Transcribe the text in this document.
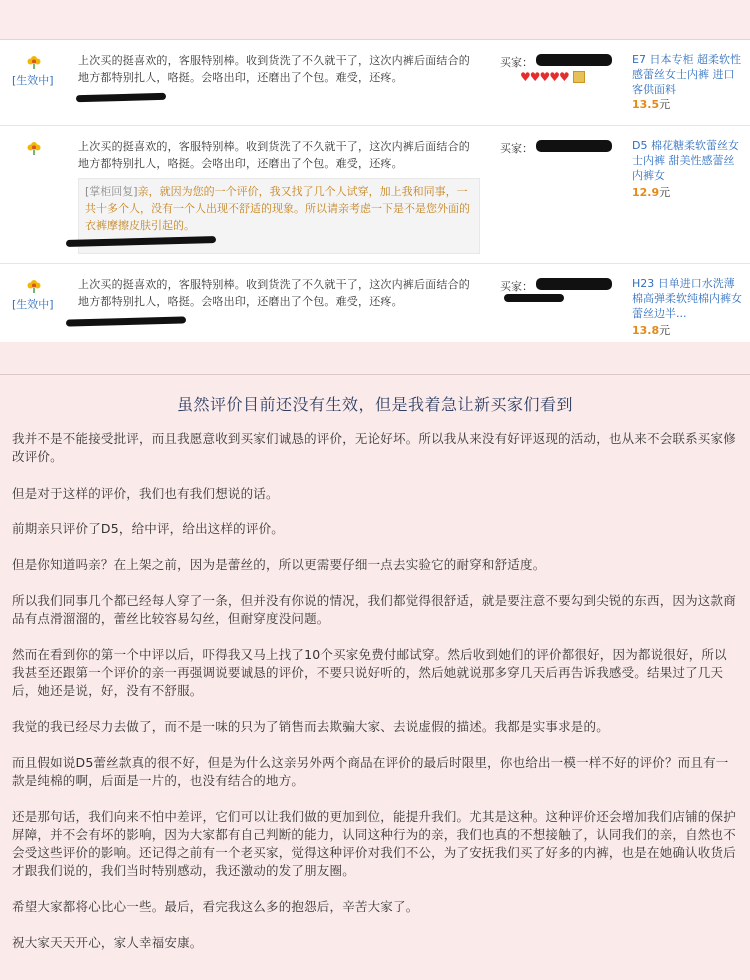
[生效中]
上次买的挺喜欢的，客服特别棒。收到货洗了不久就干了，这次内裤后面结合的地方都特别扎人，咯挺。会咯出印，还磨出了个包。难受，还疼。
买家：
♥♥♥♥♥
E7 日本专柜 超柔软性感蕾丝女士内裤 进口客供面料
13.5元
上次买的挺喜欢的，客服特别棒。收到货洗了不久就干了，这次内裤后面结合的地方都特别扎人，咯挺。会咯出印，还磨出了个包。难受，还疼。
[掌柜回复]亲，就因为您的一个评价，我又找了几个人试穿，加上我和同事，一共十多个人，没有一个人出现不舒适的现象。所以请亲考虑一下是不是您外面的衣裤摩擦皮肤引起的。
买家：	D5 棉花糖柔软蕾丝女士内裤 甜美性感蕾丝内裤女
12.9元
[生效中]
上次买的挺喜欢的，客服特别棒。收到货洗了不久就干了，这次内裤后面结合的地方都特别扎人，咯挺。会咯出印，还磨出了个包。难受，还疼。
买家：	H23 日单进口水洗薄棉高弹柔软纯棉内裤女 蕾丝边半...
13.8元
虽然评价目前还没有生效，但是我着急让新买家们看到
我并不是不能接受批评，而且我愿意收到买家们诚恳的评价，无论好坏。所以我从来没有好评返现的活动，也从来不会联系买家修改评价。
但是对于这样的评价，我们也有我们想说的话。
前期亲只评价了D5，给中评，给出这样的评价。
但是你知道吗亲？在上架之前，因为是蕾丝的，所以更需要仔细一点去实验它的耐穿和舒适度。
所以我们同事几个都已经每人穿了一条，但并没有你说的情况，我们都觉得很舒适，就是要注意不要勾到尖锐的东西，因为这款商品有点滑溜溜的，蕾丝比较容易勾丝，但耐穿度没问题。
然而在看到你的第一个中评以后，吓得我又马上找了10个买家免费付邮试穿。然后收到她们的评价都很好，因为都说很好，所以我甚至还跟第一个评价的亲一再强调说要诚恳的评价，不要只说好听的，然后她就说那多穿几天后再告诉我感受。结果过了几天后，她还是说，好，没有不舒服。
我觉的我已经尽力去做了，而不是一味的只为了销售而去欺骗大家、去说虚假的描述。我都是实事求是的。
而且假如说D5蕾丝款真的很不好，但是为什么这亲另外两个商品在评价的最后时限里，你也给出一模一样不好的评价？而且有一款是纯棉的啊，后面是一片的，也没有结合的地方。
还是那句话，我们向来不怕中差评，它们可以让我们做的更加到位，能提升我们。尤其是这种。这种评价还会增加我们店铺的保护屏障，并不会有坏的影响，因为大家都有自己判断的能力，认同这种行为的亲，我们也真的不想接触了，认同我们的亲，自然也不会受这些评价的影响。还记得之前有一个老买家，觉得这种评价对我们不公，为了安抚我们买了好多的内裤，也是在她确认收货后才跟我们说的，我们当时特别感动，我还激动的发了朋友圈。
希望大家都将心比心一些。最后，看完我这么多的抱怨后，辛苦大家了。
祝大家天天开心，家人幸福安康。
